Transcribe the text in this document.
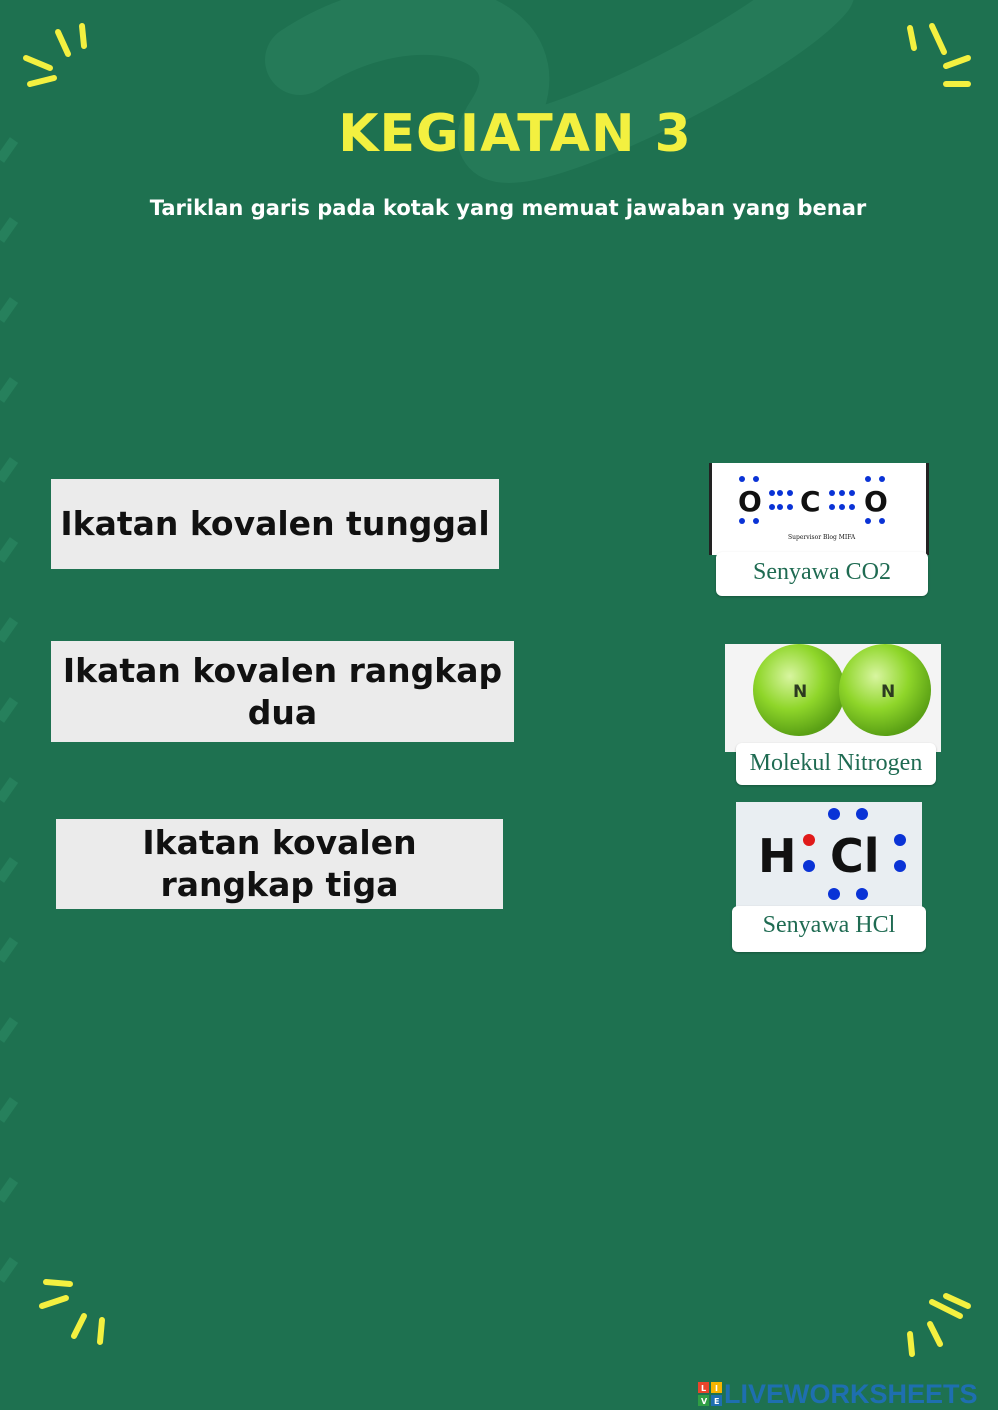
KEGIATAN 3
Tariklan garis pada kotak yang memuat jawaban yang benar
Ikatan kovalen tunggal
Ikatan kovalen rangkap dua
Ikatan kovalen rangkap tiga
O C O
Supervisor Blog MIFA
Senyawa CO2
N	N
Molekul Nitrogen
H Cl
Senyawa HCl
L I
V E LIVEWORKSHEETS
